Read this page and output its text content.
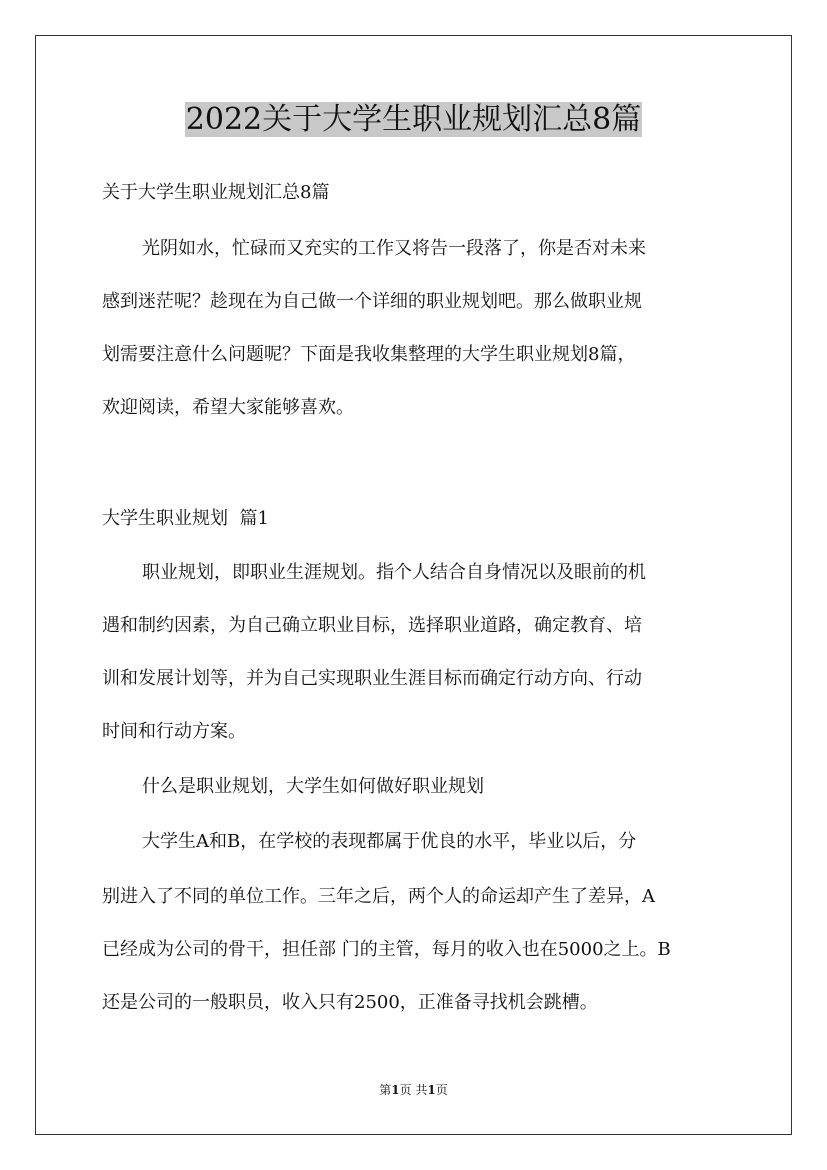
2022关于大学生职业规划汇总8篇
关于大学生职业规划汇总8篇
光阴如水，忙碌而又充实的工作又将告一段落了，你是否对未来
感到迷茫呢？趁现在为自己做一个详细的职业规划吧。那么做职业规
划需要注意什么问题呢？下面是我收集整理的大学生职业规划8篇，
欢迎阅读，希望大家能够喜欢。
大学生职业规划  篇1
职业规划，即职业生涯规划。指个人结合自身情况以及眼前的机
遇和制约因素，为自己确立职业目标，选择职业道路，确定教育、培
训和发展计划等，并为自己实现职业生涯目标而确定行动方向、行动
时间和行动方案。
什么是职业规划，大学生如何做好职业规划
大学生A和B，在学校的表现都属于优良的水平，毕业以后，分
别进入了不同的单位工作。三年之后，两个人的命运却产生了差异，A
已经成为公司的骨干，担任部 门的主管，每月的收入也在5000之上。B
还是公司的一般职员，收入只有2500，正准备寻找机会跳槽。
第1页 共1页
